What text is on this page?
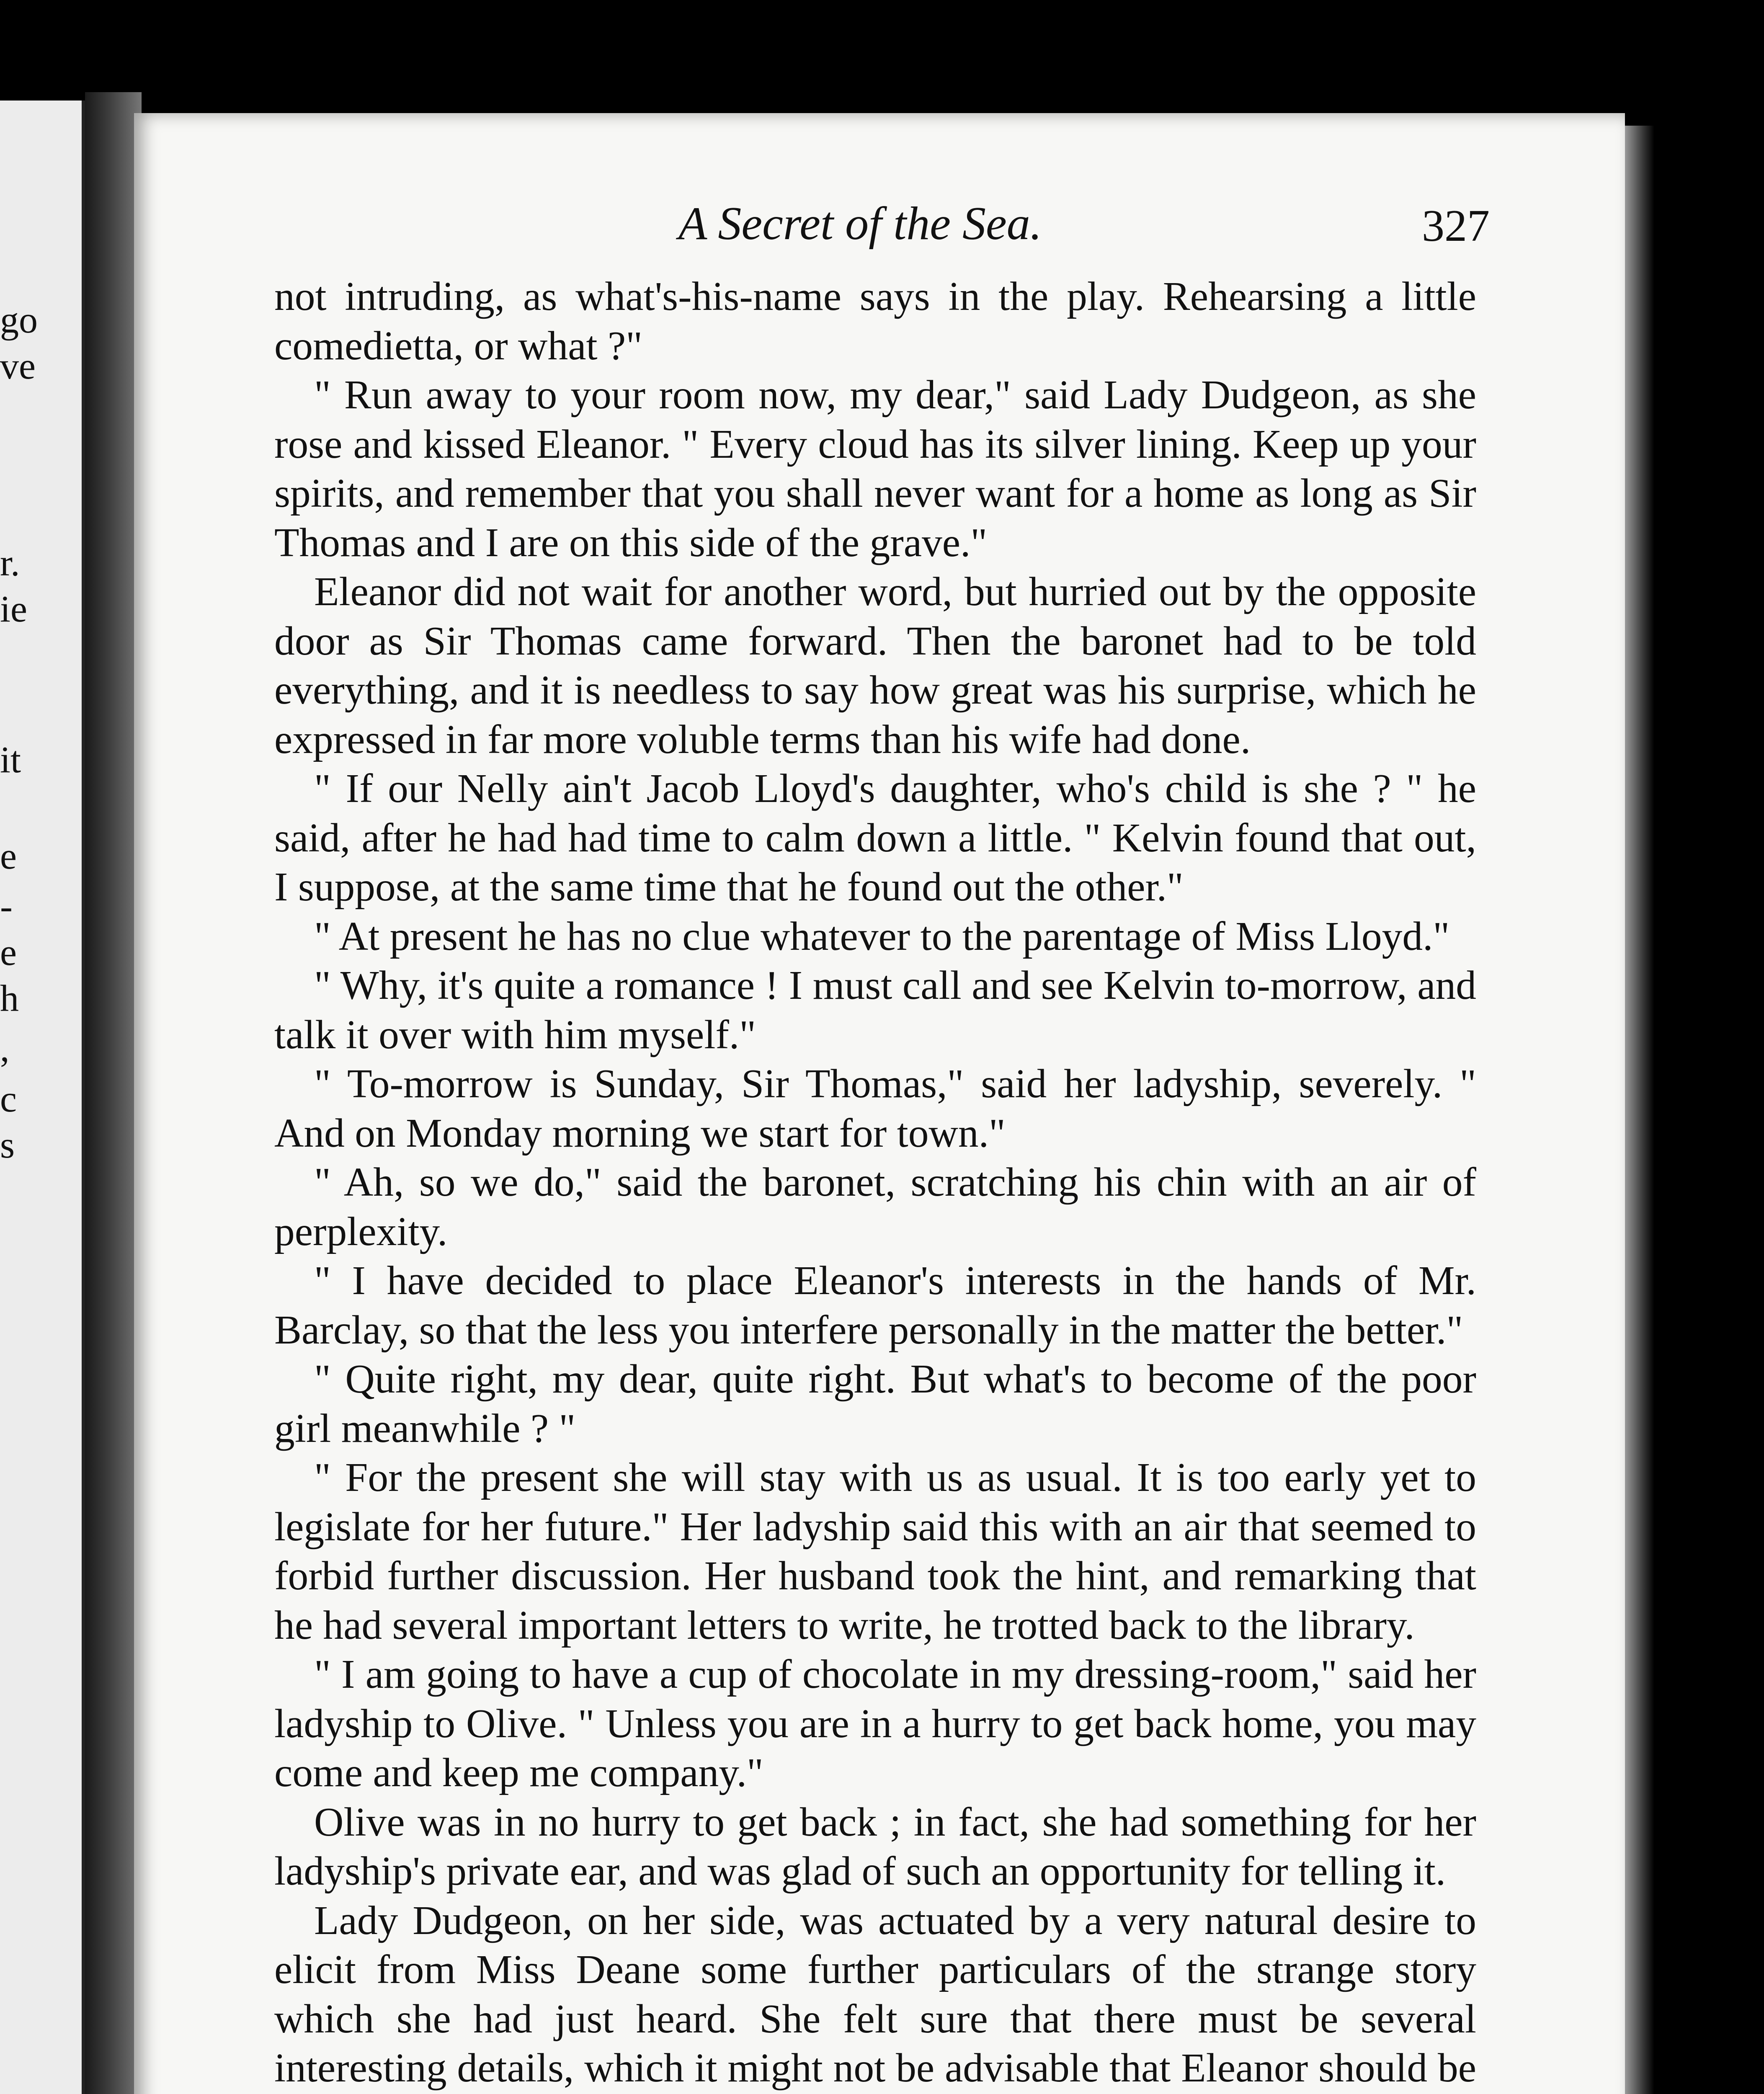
go
ve
r.
ie
it
e
-
e
h
,
c
s
A Secret of the Sea.	327

not intruding, as what's-his-name says in the play. Rehearsing a little comedietta, or what ?"

" Run away to your room now, my dear," said Lady Dudgeon, as she rose and kissed Eleanor. " Every cloud has its silver lining. Keep up your spirits, and remember that you shall never want for a home as long as Sir Thomas and I are on this side of the grave."

Eleanor did not wait for another word, but hurried out by the opposite door as Sir Thomas came forward. Then the baronet had to be told everything, and it is needless to say how great was his surprise, which he expressed in far more voluble terms than his wife had done.

" If our Nelly ain't Jacob Lloyd's daughter, who's child is she ? " he said, after he had had time to calm down a little. " Kelvin found that out, I suppose, at the same time that he found out the other."

" At present he has no clue whatever to the parentage of Miss Lloyd."

" Why, it's quite a romance ! I must call and see Kelvin to-morrow, and talk it over with him myself."

" To-morrow is Sunday, Sir Thomas," said her ladyship, severely. " And on Monday morning we start for town."

" Ah, so we do," said the baronet, scratching his chin with an air of perplexity.

" I have decided to place Eleanor's interests in the hands of Mr. Barclay, so that the less you interfere personally in the matter the better."

" Quite right, my dear, quite right. But what's to become of the poor girl meanwhile ? "

" For the present she will stay with us as usual. It is too early yet to legislate for her future." Her ladyship said this with an air that seemed to forbid further discussion. Her husband took the hint, and remarking that he had several important letters to write, he trotted back to the library.

" I am going to have a cup of chocolate in my dressing-room," said her ladyship to Olive. " Unless you are in a hurry to get back home, you may come and keep me company."

Olive was in no hurry to get back ; in fact, she had something for her ladyship's private ear, and was glad of such an opportunity for telling it.

Lady Dudgeon, on her side, was actuated by a very natural desire to elicit from Miss Deane some further particulars of the strange story which she had just heard. She felt sure that there must be several interesting details, which it might not be advisable that Eleanor should be
